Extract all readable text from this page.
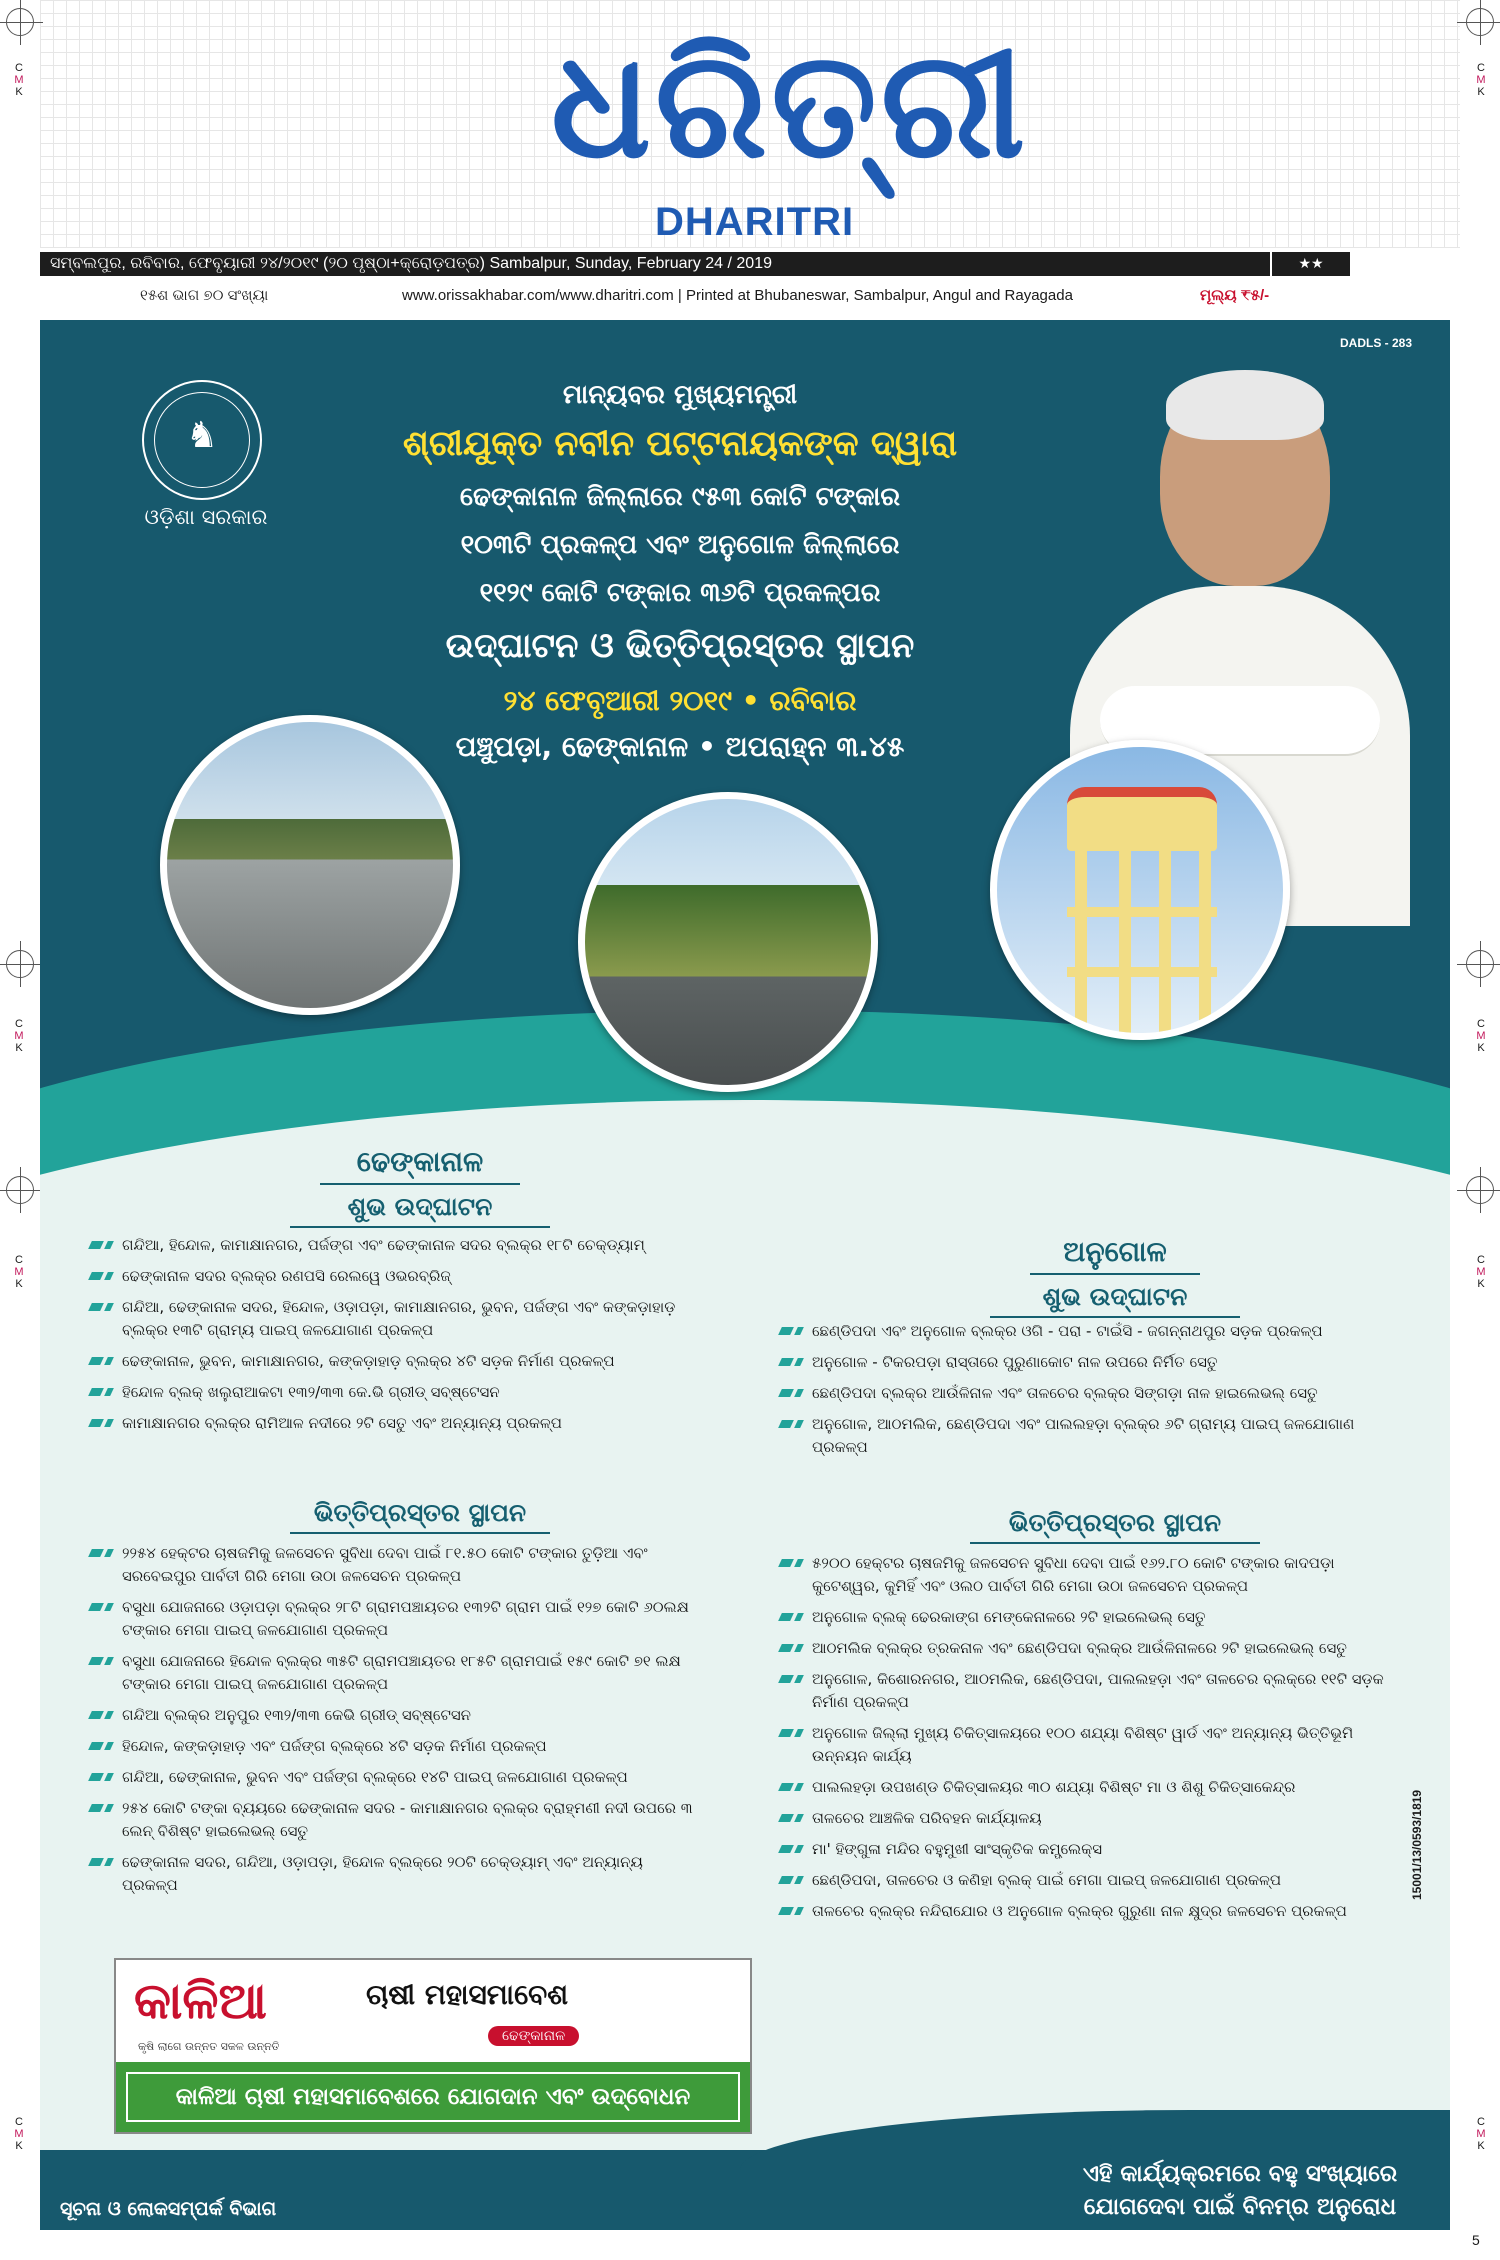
ଧରିତ୍ରୀ
DHARITRI
ସମ୍ବଲପୁର, ରବିବାର, ଫେବୃୟାରୀ ୨୪/୨୦୧୯ (୨୦ ପୃଷ୍ଠା+କ୍ରୋଡ଼ପତ୍ର) Sambalpur, Sunday, February 24 / 2019	★★
୧୫ଶ ଭାଗ ୭୦ ସଂଖ୍ୟା	www.orissakhabar.com/www.dharitri.com | Printed at Bhubaneswar, Sambalpur, Angul and Rayagada	ମୂଲ୍ୟ ₹୫/-
C
M
K
C
M
K
C
M
K
C
M
K
C
M
K
C
M
K
C
M
K
C
M
K
5
DADLS - 283
♞
ଓଡ଼ିଶା ସରକାର
ମାନ୍ୟବର ମୁଖ୍ୟମନ୍ତ୍ରୀ
ଶ୍ରୀଯୁକ୍ତ ନବୀନ ପଟ୍ଟନାୟକଙ୍କ ଦ୍ୱାରା
ଢେଙ୍କାନାଳ ଜିଲ୍ଲାରେ ୯୫୩ କୋଟି ଟଙ୍କାର
୧୦୩ଟି ପ୍ରକଳ୍ପ ଏବଂ ଅନୁଗୋଳ ଜିଲ୍ଲାରେ
୧୧୨୯ କୋଟି ଟଙ୍କାର ୩୬ଟି ପ୍ରକଳ୍ପର
ଉଦ୍‌ଘାଟନ ଓ ଭିତ୍ତିପ୍ରସ୍ତର ସ୍ଥାପନ
୨୪ ଫେବୃଆରୀ ୨୦୧୯ • ରବିବାର
ପଞ୍ଚୁପଡ଼ା, ଢେଙ୍କାନାଳ • ଅପରାହ୍ନ ୩.୪୫
ଢେଙ୍କାନାଳ
ଶୁଭ ଉଦ୍‌ଘାଟନ
ଗନ୍ଦିଆ, ହିନ୍ଦୋଳ, କାମାକ୍ଷାନଗର, ପର୍ଜଙ୍ଗ ଏବଂ ଢେଙ୍କାନାଳ ସଦର ବ୍ଲକ୍‌ର ୧୮ଟି ଚେକ୍‌ଡ୍ୟାମ୍
ଢେଙ୍କାନାଳ ସଦର ବ୍ଲକ୍‌ର ରଣପସି ରେଲୱେ ଓଭରବ୍ରିଜ୍
ଗନ୍ଦିଆ, ଢେଙ୍କାନାଳ ସଦର, ହିନ୍ଦୋଳ, ଓଡ଼ାପଡ଼ା, କାମାକ୍ଷାନଗର, ଭୁବନ, ପର୍ଜଙ୍ଗ ଏବଂ କଙ୍କଡ଼ାହାଡ଼ ବ୍ଲକ୍‌ର ୧୩ଟି ଗ୍ରାମ୍ୟ ପାଇପ୍ ଜଳଯୋଗାଣ ପ୍ରକଳ୍ପ
ଢେଙ୍କାନାଳ, ଭୁବନ, କାମାକ୍ଷାନଗର, କଙ୍କଡ଼ାହାଡ଼ ବ୍ଲକ୍‌ର ୪ଟି ସଡ଼କ ନିର୍ମାଣ ପ୍ରକଳ୍ପ
ହିନ୍ଦୋଳ ବ୍ଲକ୍ ଖଲୁରାଆକଟା ୧୩୨/୩୩ କେ.ଭି ଗ୍ରୀଡ୍ ସବ୍‌ଷ୍ଟେସନ
କାମାକ୍ଷାନଗର ବ୍ଲକ୍‌ର ରାମିଆଳ ନଦୀରେ ୨ଟି ସେତୁ ଏବଂ ଅନ୍ୟାନ୍ୟ ପ୍ରକଳ୍ପ
ଭିତ୍ତିପ୍ରସ୍ତର ସ୍ଥାପନ
୨୨୫୪ ହେକ୍ଟର ଚାଷଜମିକୁ ଜଳସେଚନ ସୁବିଧା ଦେବା ପାଇଁ ୮୧.୫୦ କୋଟି ଟଙ୍କାର ତୁଡ଼ିଆ ଏବଂ ସରବେଇପୁର ପାର୍ବତୀ ଗିରି ମେଗା ଉଠା ଜଳସେଚନ ପ୍ରକଳ୍ପ
ବସୁଧା ଯୋଜନାରେ ଓଡ଼ାପଡ଼ା ବ୍ଲକ୍‌ର ୨୮ଟି ଗ୍ରାମପଞ୍ଚାୟତର ୧୩୨ଟି ଗ୍ରାମ ପାଇଁ ୧୨୭ କୋଟି ୬୦ଲକ୍ଷ ଟଙ୍କାର ମେଗା ପାଇପ୍ ଜଳଯୋଗାଣ ପ୍ରକଳ୍ପ
ବସୁଧା ଯୋଜନାରେ ହିନ୍ଦୋଳ ବ୍ଲକ୍‌ର ୩୫ଟି ଗ୍ରାମପଞ୍ଚାୟତର ୧୮୫ଟି ଗ୍ରାମପାଇଁ ୧୫୯ କୋଟି ୭୧ ଲକ୍ଷ ଟଙ୍କାର ମେଗା ପାଇପ୍ ଜଳଯୋଗାଣ ପ୍ରକଳ୍ପ
ଗନ୍ଦିଆ ବ୍ଲକ୍‌ର ଅନୁପୁର ୧୩୨/୩୩ କେଭି ଗ୍ରୀଡ୍ ସବ୍‌ଷ୍ଟେସନ
ହିନ୍ଦୋଳ, କଙ୍କଡ଼ାହାଡ଼ ଏବଂ ପର୍ଜଙ୍ଗ ବ୍ଲକ୍‌ରେ ୪ଟି ସଡ଼କ ନିର୍ମାଣ ପ୍ରକଳ୍ପ
ଗନ୍ଦିଆ, ଢେଙ୍କାନାଳ, ଭୁବନ ଏବଂ ପର୍ଜଙ୍ଗ ବ୍ଲକ୍‌ରେ ୧୪ଟି ପାଇପ୍ ଜଳଯୋଗାଣ ପ୍ରକଳ୍ପ
୨୫୪ କୋଟି ଟଙ୍କା ବ୍ୟୟରେ ଢେଙ୍କାନାଳ ସଦର - କାମାକ୍ଷାନଗର ବ୍ଲକ୍‌ର ବ୍ରାହ୍ମଣୀ ନଦୀ ଉପରେ ୩ ଲେନ୍ ବିଶିଷ୍ଟ ହାଇଲେଭଲ୍ ସେତୁ
ଢେଙ୍କାନାଳ ସଦର, ଗନ୍ଦିଆ, ଓଡ଼ାପଡ଼ା, ହିନ୍ଦୋଳ ବ୍ଲକ୍‌ରେ ୨୦ଟି ଚେକ୍‌ଡ୍ୟାମ୍ ଏବଂ ଅନ୍ୟାନ୍ୟ ପ୍ରକଳ୍ପ
ଅନୁଗୋଳ
ଶୁଭ ଉଦ୍‌ଘାଟନ
ଛେଣ୍ଡିପଦା ଏବଂ ଅନୁଗୋଳ ବ୍ଲକ୍‌ର ଓଗି - ପରା - ଟାଇଁସି - ଜଗନ୍ନାଥପୁର ସଡ଼କ ପ୍ରକଳ୍ପ
ଅନୁଗୋଳ - ଟିକରପଡ଼ା ରାସ୍ତାରେ ପୁରୁଣାକୋଟ ନାଳ ଉପରେ ନିର୍ମିତ ସେତୁ
ଛେଣ୍ଡିପଦା ବ୍ଲକ୍‌ର ଆଉଁଳିନାଳ ଏବଂ ତାଳଚେର ବ୍ଲକ୍‌ର ସିଙ୍ଗଡ଼ା ନାଳ ହାଇଲେଭଲ୍ ସେତୁ
ଅନୁଗୋଳ, ଆଠମଲିକ, ଛେଣ୍ଡିପଦା ଏବଂ ପାଲଲହଡ଼ା ବ୍ଲକ୍‌ର ୬ଟି ଗ୍ରାମ୍ୟ ପାଇପ୍ ଜଳଯୋଗାଣ ପ୍ରକଳ୍ପ
ଭିତ୍ତିପ୍ରସ୍ତର ସ୍ଥାପନ
୫୨୦୦ ହେକ୍ଟର ଚାଷଜମିକୁ ଜଳସେଚନ ସୁବିଧା ଦେବା ପାଇଁ ୧୬୨.୮୦ କୋଟି ଟଙ୍କାର କାଦପଡ଼ା କୁଟେଶ୍ୱର, କୁମିହିଁ ଏବଂ ଓଲଠ ପାର୍ବତୀ ଗିରି ମେଗା ଉଠା ଜଳସେଚନ ପ୍ରକଳ୍ପ
ଅନୁଗୋଳ ବ୍ଲକ୍ ଢେରକାଙ୍ଗ ମେଙ୍କେନାଳରେ ୨ଟି ହାଇଲେଭଲ୍ ସେତୁ
ଆଠମଲିକ ବ୍ଲକ୍‌ର ତ୍ରକନାଳ ଏବଂ ଛେଣ୍ଡିପଦା ବ୍ଲକ୍‌ର ଆଉଁଳିନାଳରେ ୨ଟି ହାଇଲେଭଲ୍ ସେତୁ
ଅନୁଗୋଳ, କିଶୋରନଗର, ଆଠମଲିକ, ଛେଣ୍ଡିପଦା, ପାଲଲହଡ଼ା ଏବଂ ତାଳଚେର ବ୍ଲକ୍‌ରେ ୧୧ଟି ସଡ଼କ ନିର୍ମାଣ ପ୍ରକଳ୍ପ
ଅନୁଗୋଳ ଜିଲ୍ଲା ମୁଖ୍ୟ ଚିକିତ୍ସାଳୟରେ ୧୦୦ ଶଯ୍ୟା ବିଶିଷ୍ଟ ୱାର୍ଡ ଏବଂ ଅନ୍ୟାନ୍ୟ ଭିତ୍ତିଭୂମି ଉନ୍ନୟନ କାର୍ଯ୍ୟ
ପାଲଲହଡ଼ା ଉପଖଣ୍ଡ ଚିକିତ୍ସାଳୟର ୩୦ ଶଯ୍ୟା ବିଶିଷ୍ଟ ମା ଓ ଶିଶୁ ଚିକିତ୍ସାକେନ୍ଦ୍ର
ତାଳଚେର ଆଞ୍ଚଳିକ ପରିବହନ କାର୍ଯ୍ୟାଳୟ
ମା' ହିଙ୍ଗୁଳା ମନ୍ଦିର ବହୁମୁଖୀ ସାଂସ୍କୃତିକ କମ୍ପ୍ଲେକ୍ସ
ଛେଣ୍ଡିପଦା, ତାଳଚେର ଓ କଣିହା ବ୍ଲକ୍ ପାଇଁ ମେଗା ପାଇପ୍ ଜଳଯୋଗାଣ ପ୍ରକଳ୍ପ
ତାଳଚେର ବ୍ଲକ୍‌ର ନନ୍ଦିରାଯୋର ଓ ଅନୁଗୋଳ ବ୍ଲକ୍‌ର ଗୁରୁଣା ନାଳ କ୍ଷୁଦ୍ର ଜଳସେଚନ ପ୍ରକଳ୍ପ
15001/13/0593/1819
କାଳିଆ
କୃଷି ଲାଗେ ଉନ୍ନତ ସକଳ ଉନ୍ନତି
ଚାଷୀ ମହାସମାବେଶ
ଢେଙ୍କାନାଳ
କାଳିଆ ଚାଷୀ ମହାସମାବେଶରେ ଯୋଗଦାନ ଏବଂ ଉଦ୍‌ବୋଧନ
ସୂଚନା ଓ ଲୋକସମ୍ପର୍କ ବିଭାଗ
ଏହି କାର୍ଯ୍ୟକ୍ରମରେ ବହୁ ସଂଖ୍ୟାରେ
ଯୋଗଦେବା ପାଇଁ ବିନମ୍ର ଅନୁରୋଧ
